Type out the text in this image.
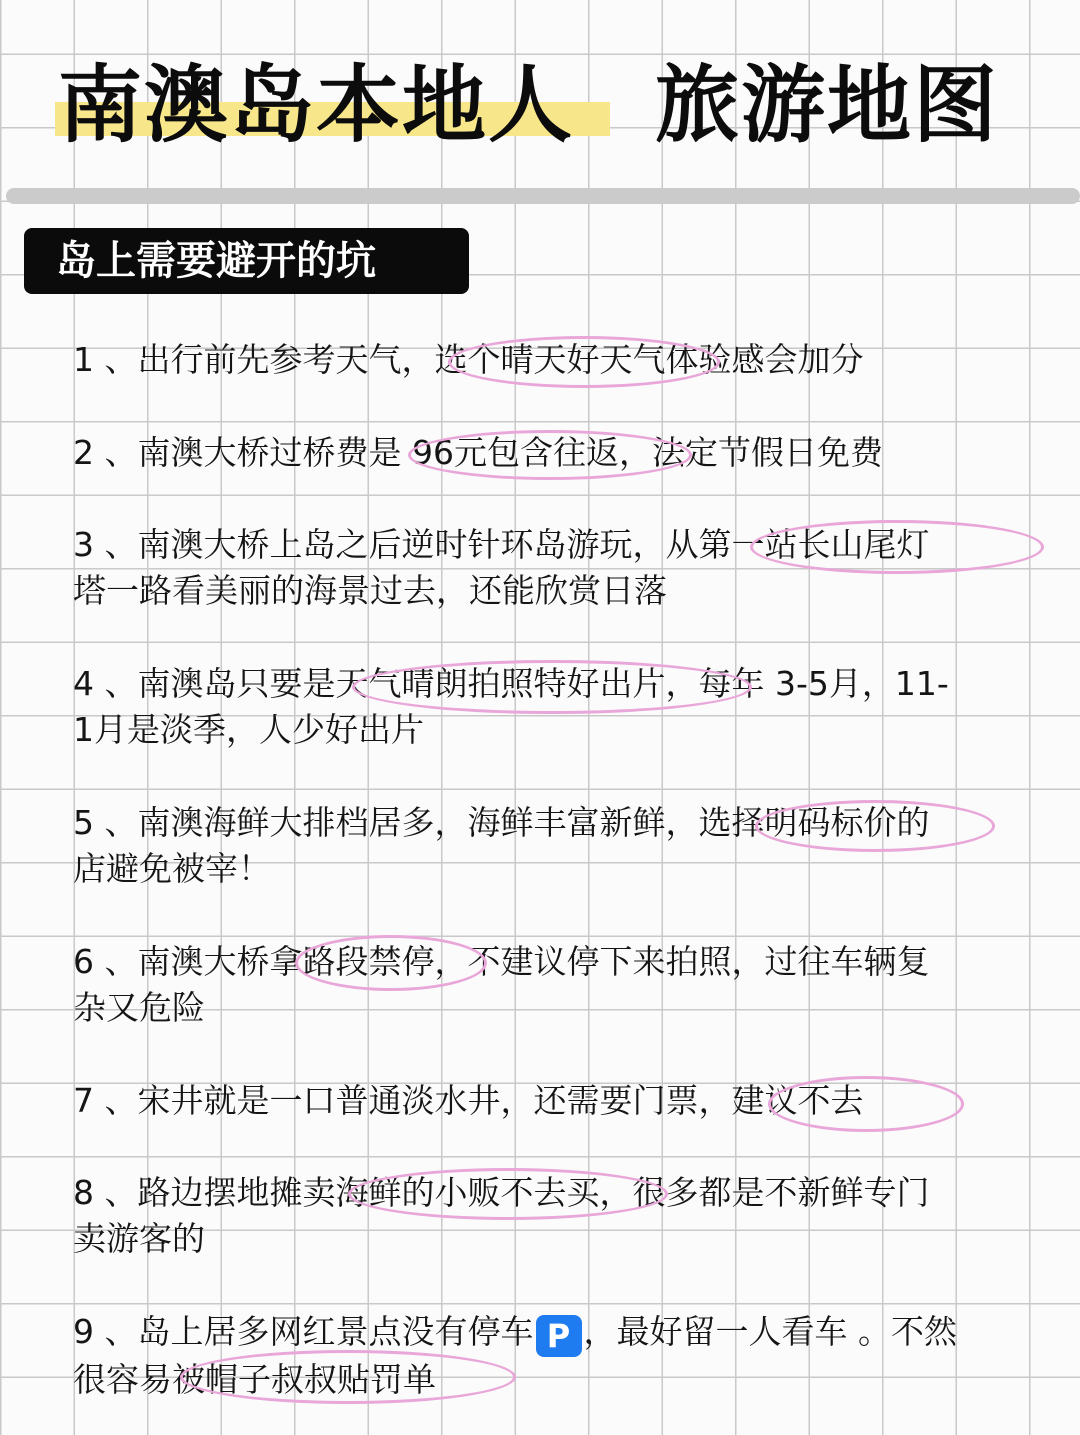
南澳岛本地人 旅游地图
岛上需要避开的坑
1 、出行前先参考天气，选个晴天好天气体验感会加分
2 、南澳大桥过桥费是 96元包含往返，法定节假日免费
3 、南澳大桥上岛之后逆时针环岛游玩，从第一站长山尾灯
塔一路看美丽的海景过去，还能欣赏日落
4 、南澳岛只要是天气晴朗拍照特好出片，每年 3-5月，11-
1月是淡季，人少好出片
5 、南澳海鲜大排档居多，海鲜丰富新鲜，选择明码标价的
店避免被宰！
6 、南澳大桥拿路段禁停，不建议停下来拍照，过往车辆复
杂又危险
7 、宋井就是一口普通淡水井，还需要门票，建议不去
8 、路边摆地摊卖海鲜的小贩不去买，很多都是不新鲜专门
卖游客的
9 、岛上居多网红景点没有停车 P ，最好留一人看车 。不然
很容易被帽子叔叔贴罚单
